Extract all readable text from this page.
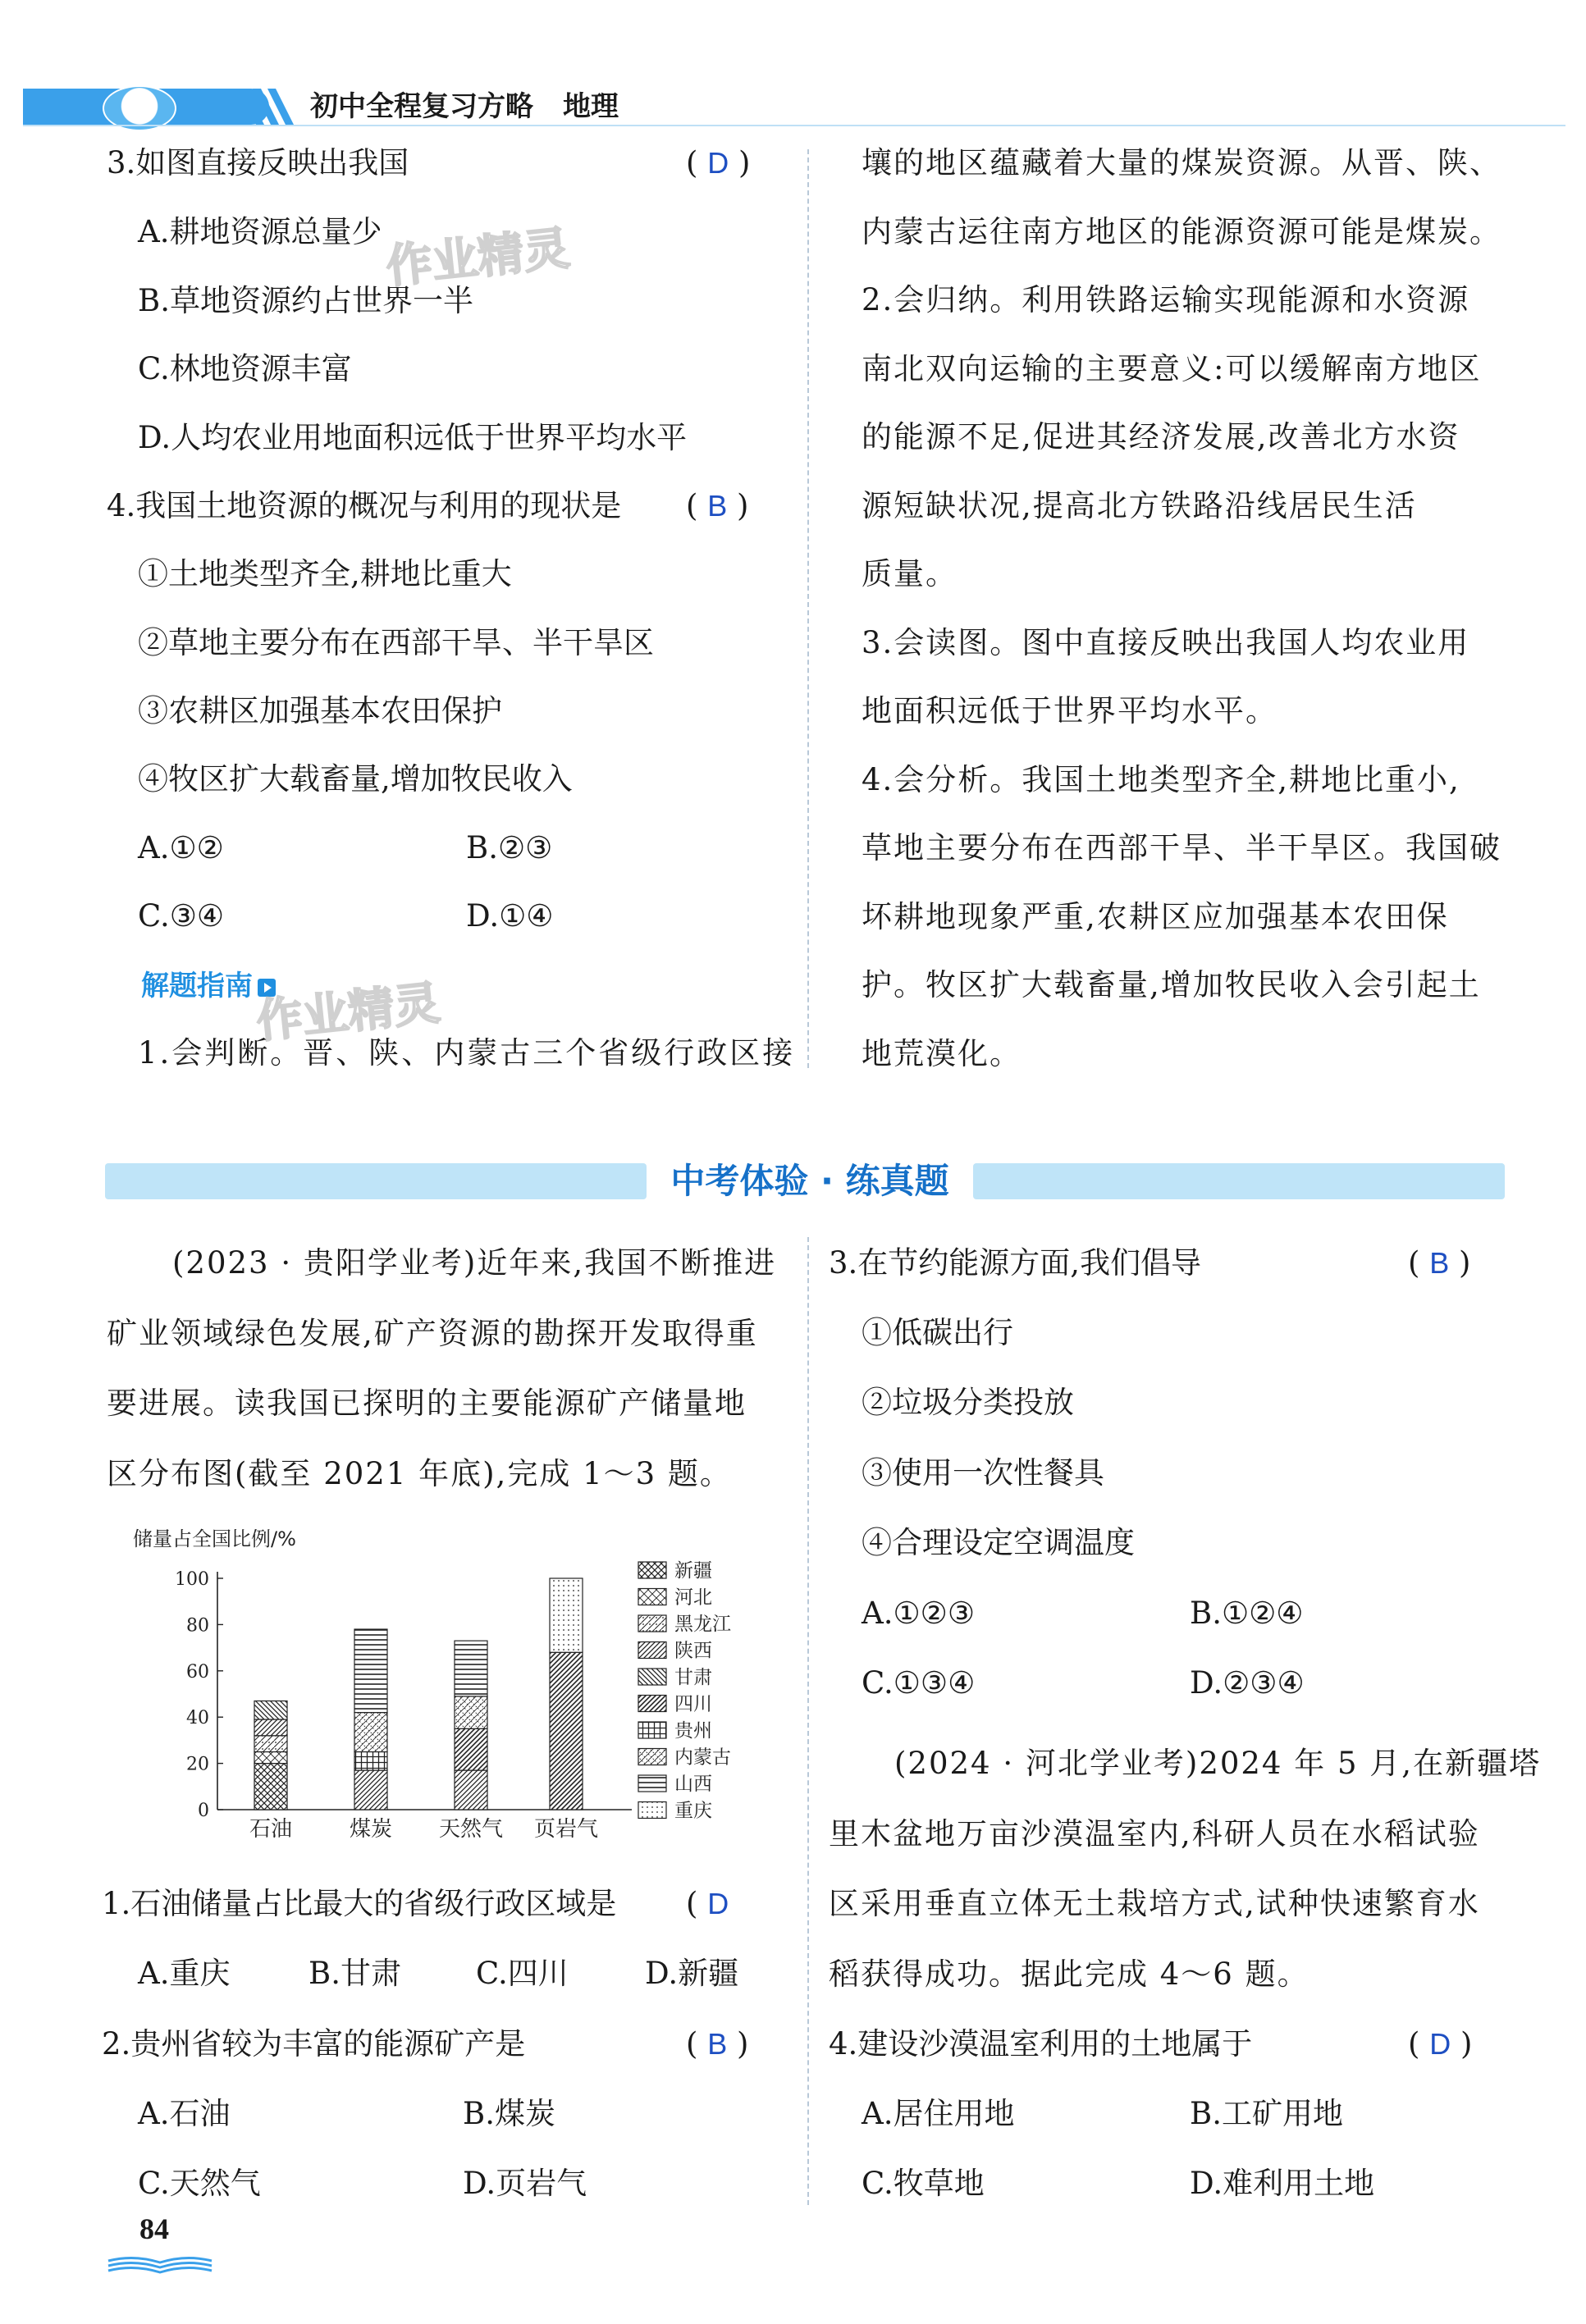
初中全程复习方略 地理
3.如图直接反映出我国	( D )
A.耕地资源总量少
B.草地资源约占世界一半
C.林地资源丰富
D.人均农业用地面积远低于世界平均水平
4.我国土地资源的概况与利用的现状是 ( B )
①土地类型齐全,耕地比重大
②草地主要分布在西部干旱、半干旱区
③农耕区加强基本农田保护
④牧区扩大载畜量,增加牧民收入
A.①②	B.②③
C.③④	D.①④
解题指南
1.会判断。晋、陕、内蒙古三个省级行政区接
作业精灵
作业精灵
壤的地区蕴藏着大量的煤炭资源。从晋、陕、
内蒙古运往南方地区的能源资源可能是煤炭。
2.会归纳。利用铁路运输实现能源和水资源
南北双向运输的主要意义:可以缓解南方地区
的能源不足,促进其经济发展,改善北方水资
源短缺状况,提高北方铁路沿线居民生活
质量。
3.会读图。图中直接反映出我国人均农业用
地面积远低于世界平均水平。
4.会分析。我国土地类型齐全,耕地比重小,
草地主要分布在西部干旱、半干旱区。我国破
坏耕地现象严重,农耕区应加强基本农田保
护。牧区扩大载畜量,增加牧民收入会引起土
地荒漠化。
中考体验 · 练真题
(2023 · 贵阳学业考)近年来,我国不断推进
矿业领域绿色发展,矿产资源的勘探开发取得重
要进展。读我国已探明的主要能源矿产储量地
区分布图(截至 2021 年底),完成 1～3 题。
储量占全国比例/%
0
20
40
60
80
100
石油	煤炭 天然气 页岩气
新疆
河北
黑龙江
陕西
甘肃
四川
贵州
内蒙古
山西
重庆
1.石油储量占比最大的省级行政区域是 ( D
A.重庆	B.甘肃 C.四川	D.新疆
2.贵州省较为丰富的能源矿产是	( B )
A.石油	B.煤炭
C.天然气	D.页岩气
3.在节约能源方面,我们倡导	( B )
①低碳出行
②垃圾分类投放
③使用一次性餐具
④合理设定空调温度
A.①②③	B.①②④
C.①③④	D.②③④
(2024 · 河北学业考)2024 年 5 月,在新疆塔
里木盆地万亩沙漠温室内,科研人员在水稻试验
区采用垂直立体无土栽培方式,试种快速繁育水
稻获得成功。据此完成 4～6 题。
4.建设沙漠温室利用的土地属于	( D )
A.居住用地	B.工矿用地
C.牧草地	D.难利用土地
84
